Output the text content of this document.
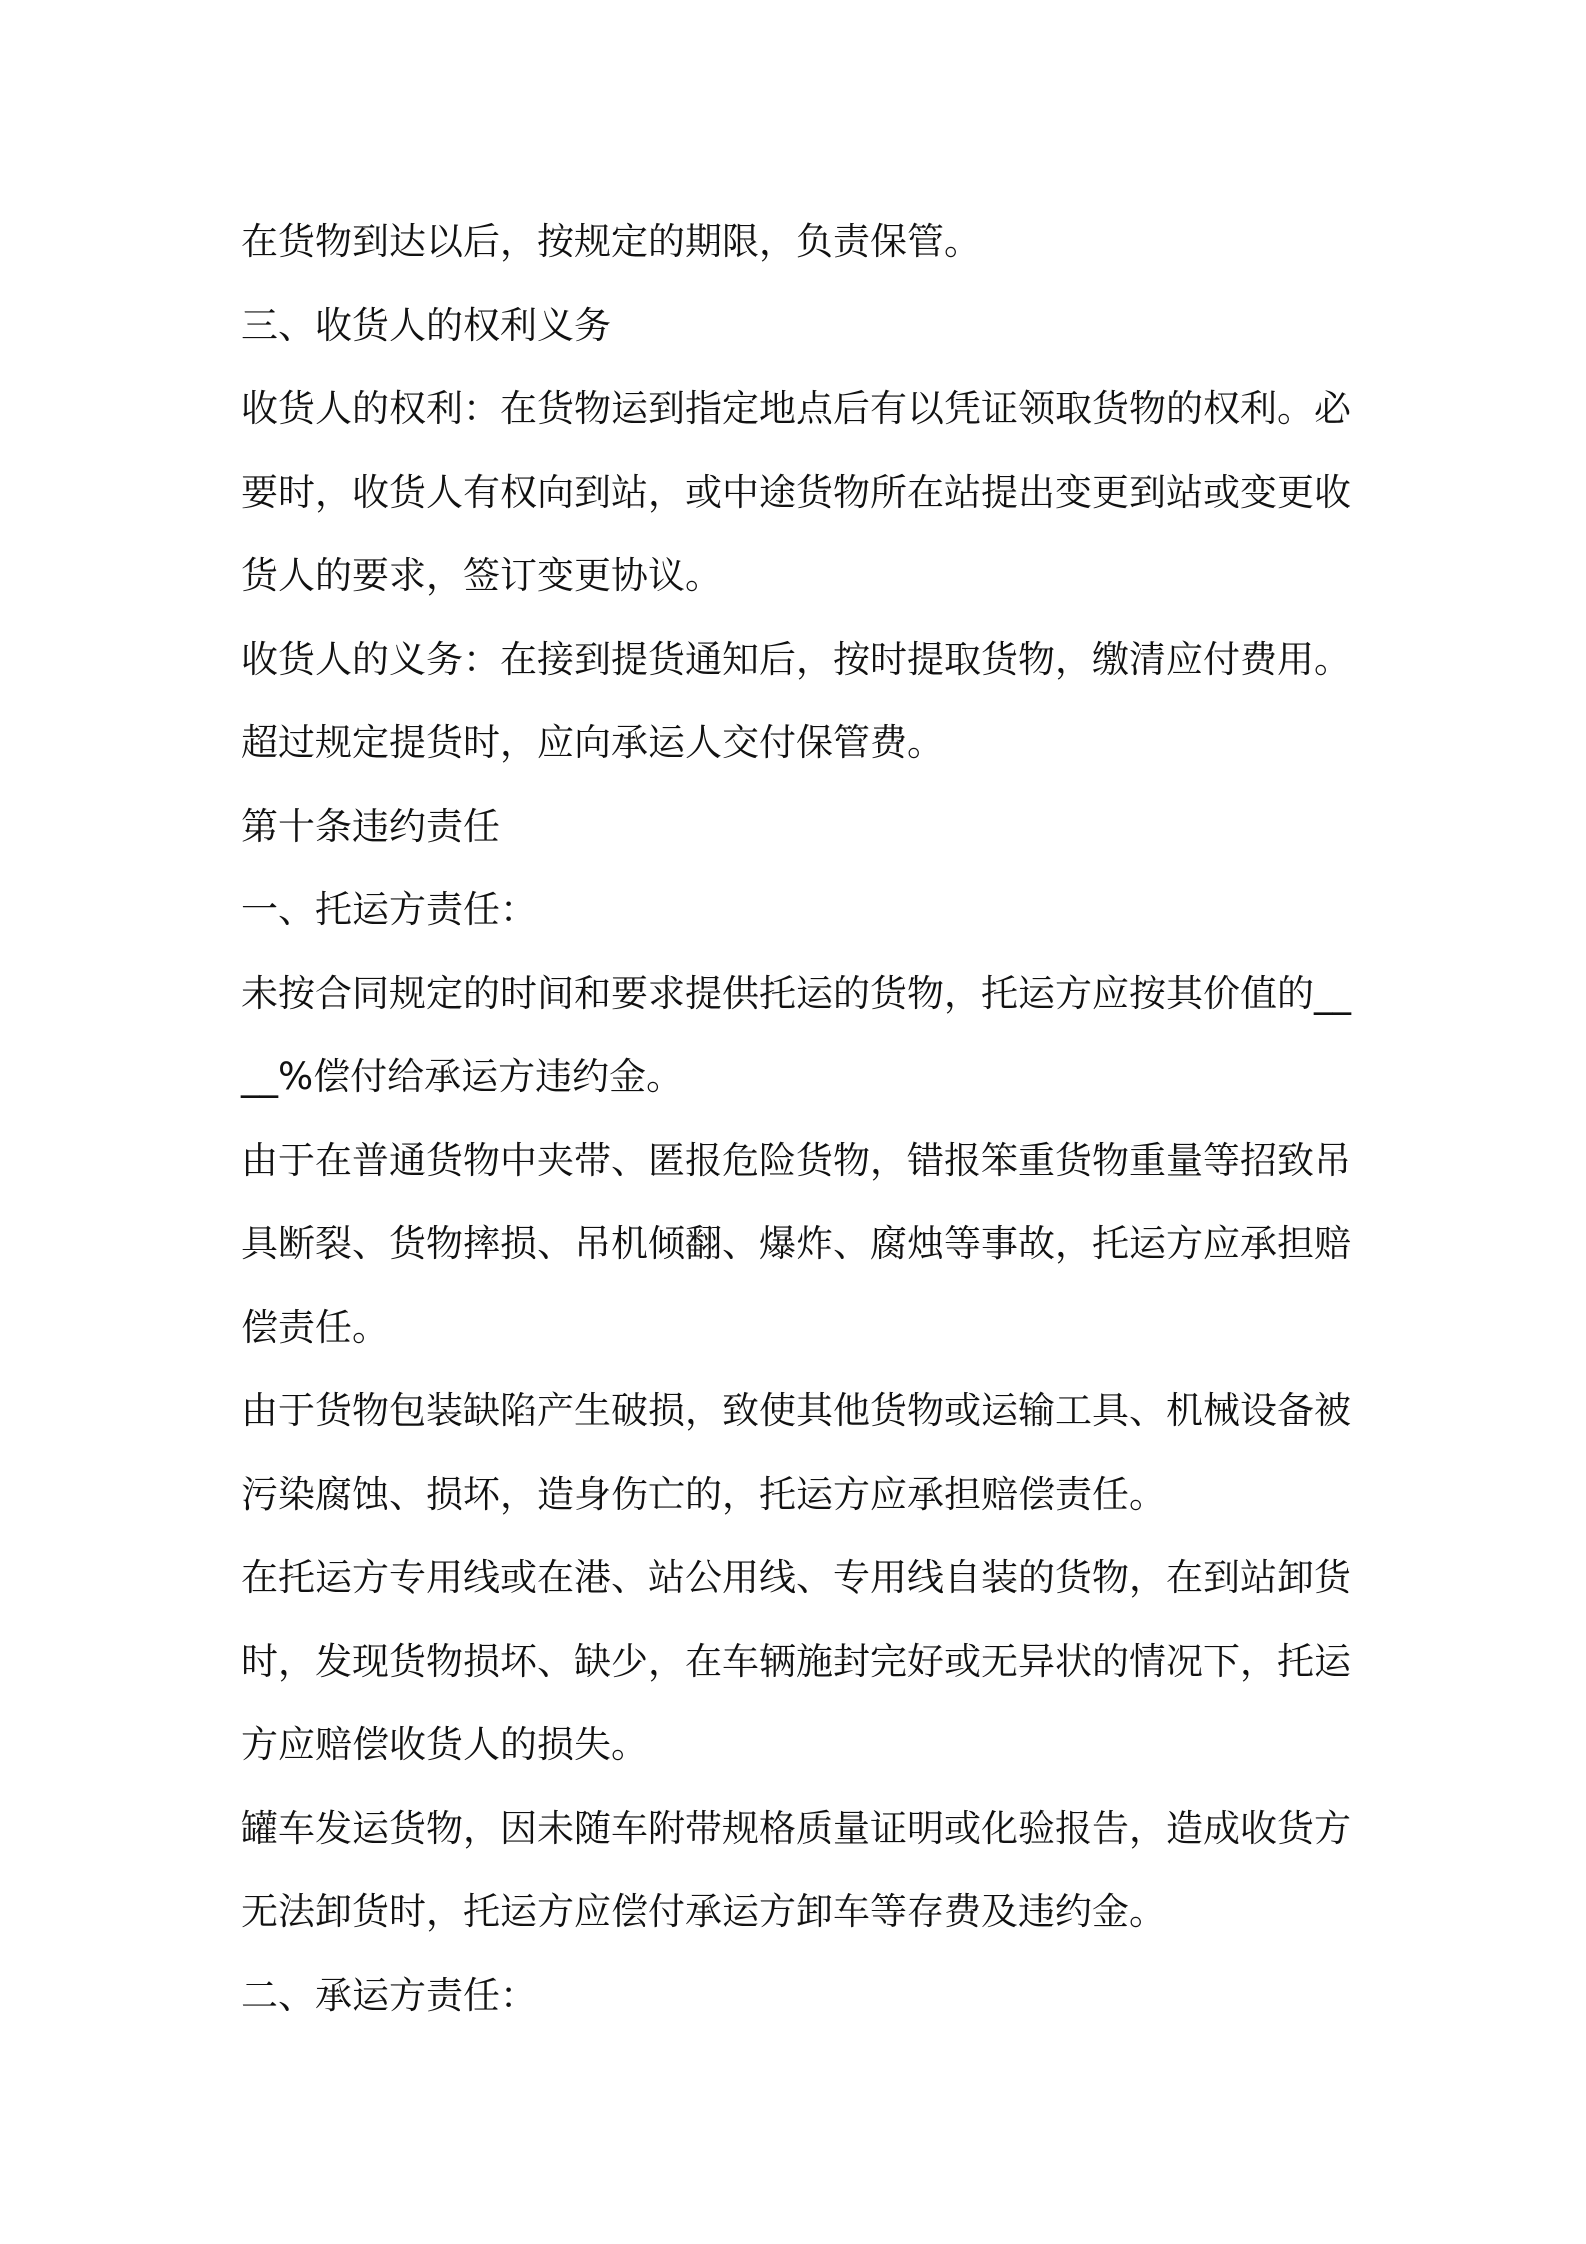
在货物到达以后，按规定的期限，负责保管。

三、收货人的权利义务

收货人的权利：在货物运到指定地点后有以凭证领取货物的权利。必要时，收货人有权向到站，或中途货物所在站提出变更到站或变更收货人的要求，签订变更协议。

收货人的义务：在接到提货通知后，按时提取货物，缴清应付费用。超过规定提货时，应向承运人交付保管费。

第十条违约责任

一、托运方责任：

未按合同规定的时间和要求提供托运的货物，托运方应按其价值的____%偿付给承运方违约金。

由于在普通货物中夹带、匿报危险货物，错报笨重货物重量等招致吊具断裂、货物摔损、吊机倾翻、爆炸、腐烛等事故，托运方应承担赔偿责任。

由于货物包装缺陷产生破损，致使其他货物或运输工具、机械设备被污染腐蚀、损坏，造身伤亡的，托运方应承担赔偿责任。

在托运方专用线或在港、站公用线、专用线自装的货物，在到站卸货时，发现货物损坏、缺少，在车辆施封完好或无异状的情况下，托运方应赔偿收货人的损失。

罐车发运货物，因未随车附带规格质量证明或化验报告，造成收货方无法卸货时，托运方应偿付承运方卸车等存费及违约金。

二、承运方责任：
